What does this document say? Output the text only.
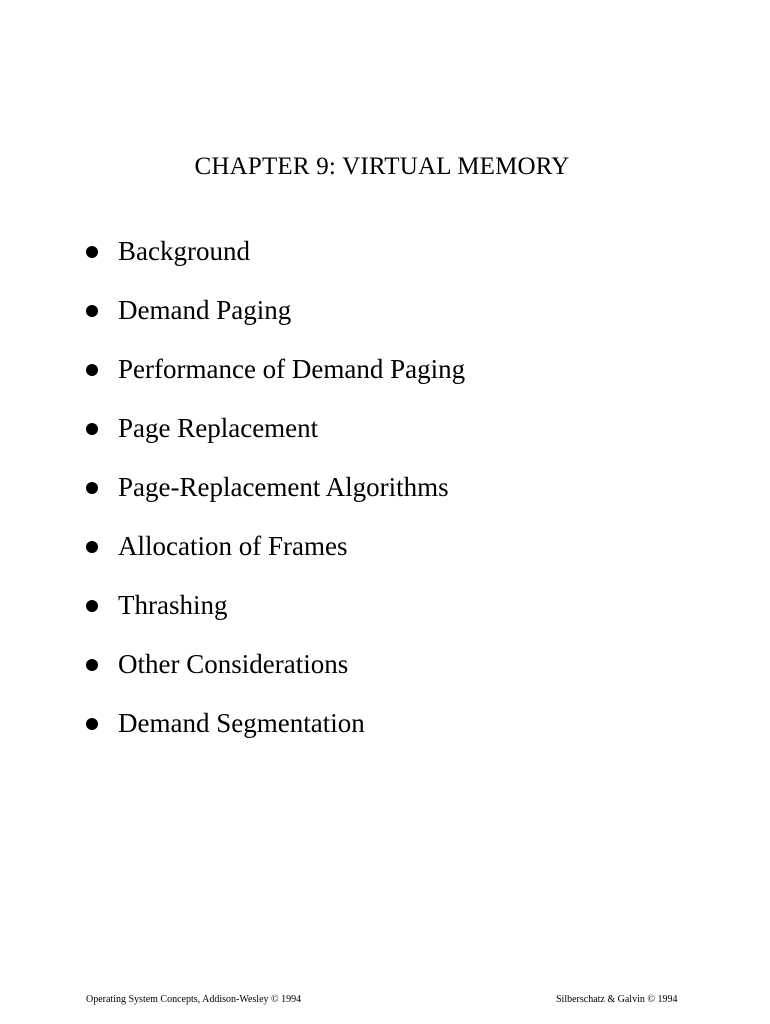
CHAPTER 9: VIRTUAL MEMORY
Background
Demand Paging
Performance of Demand Paging
Page Replacement
Page-Replacement Algorithms
Allocation of Frames
Thrashing
Other Considerations
Demand Segmentation
Operating System Concepts, Addison-Wesley © 1994	Silberschatz & Galvin © 1994
